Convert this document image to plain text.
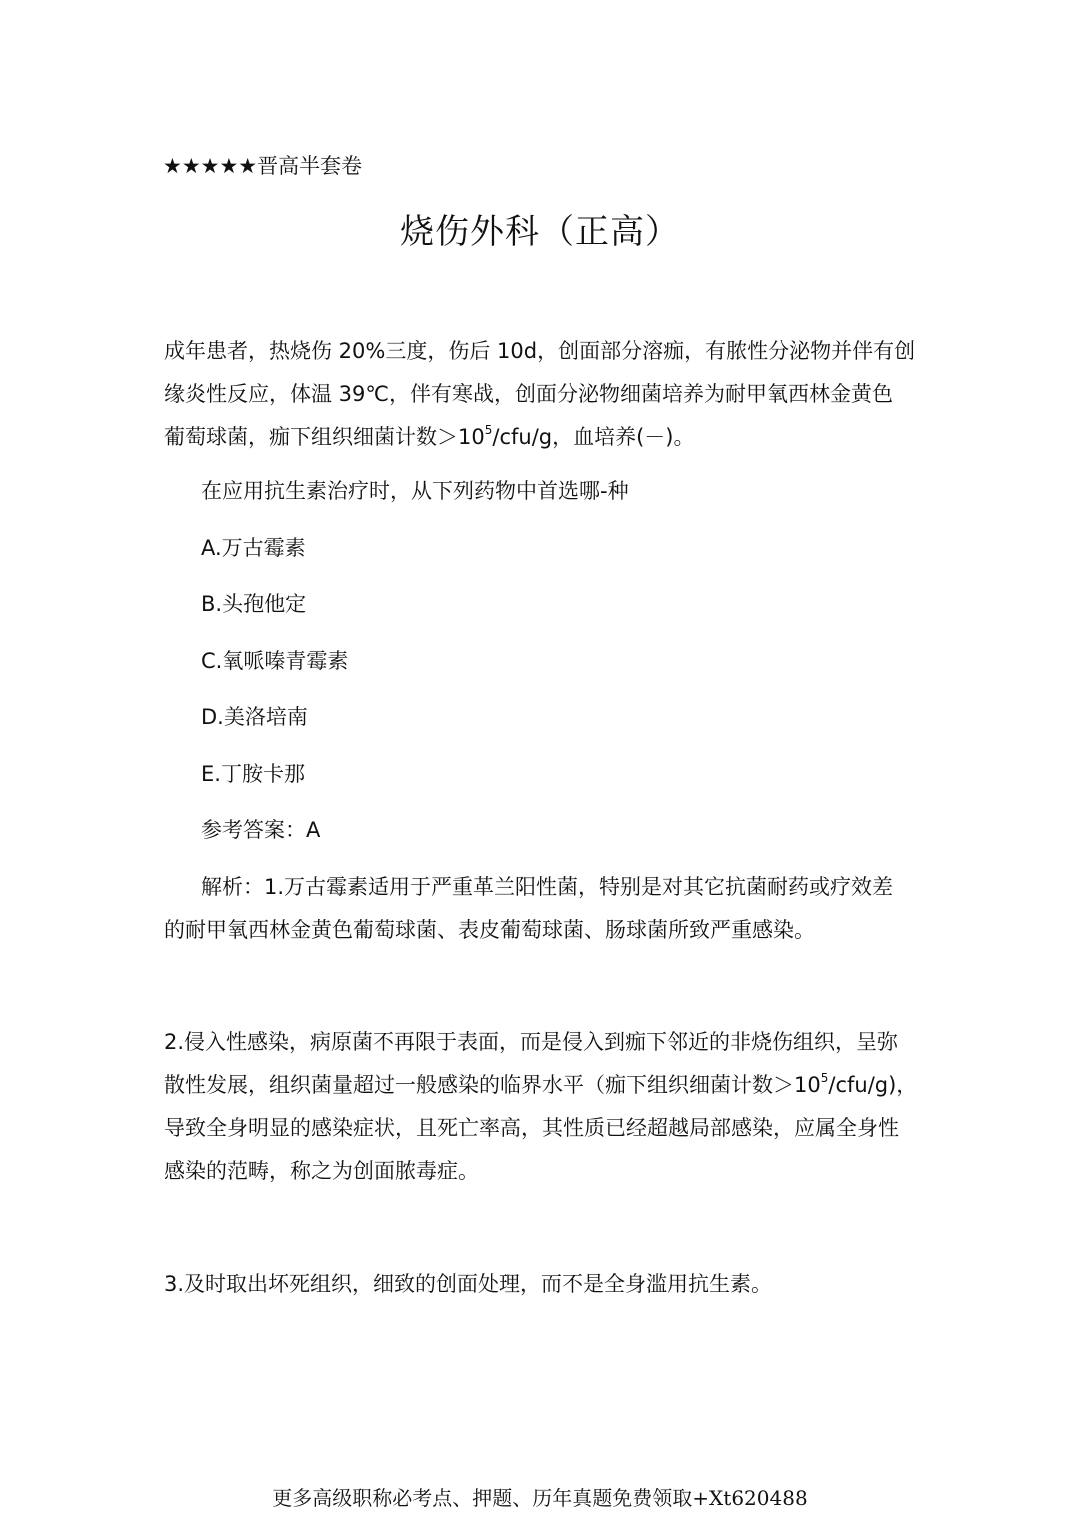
★★★★★晋高半套卷
烧伤外科（正高）
成年患者，热烧伤 20%三度，伤后 10d，创面部分溶痂，有脓性分泌物并伴有创
缘炎性反应，体温 39℃，伴有寒战，创面分泌物细菌培养为耐甲氧西林金黄色
葡萄球菌，痂下组织细菌计数$>10^5/cfu/g$，血培养(－)。
在应用抗生素治疗时，从下列药物中首选哪-种
A.万古霉素
B.头孢他定
C.氧哌嗪青霉素
D.美洛培南
E.丁胺卡那
参考答案：A
解析：1.万古霉素适用于严重革兰阳性菌，特别是对其它抗菌耐药或疗效差
的耐甲氧西林金黄色葡萄球菌、表皮葡萄球菌、肠球菌所致严重感染。
2.侵入性感染，病原菌不再限于表面，而是侵入到痂下邻近的非烧伤组织，呈弥
散性发展，组织菌量超过一般感染的临界水平（痂下组织细菌计数$>10^5/cfu/g$)，
导致全身明显的感染症状，且死亡率高，其性质已经超越局部感染，应属全身性
感染的范畴，称之为创面脓毒症。
3.及时取出坏死组织，细致的创面处理，而不是全身滥用抗生素。
更多高级职称必考点、押题、历年真题免费领取+Xt620488
